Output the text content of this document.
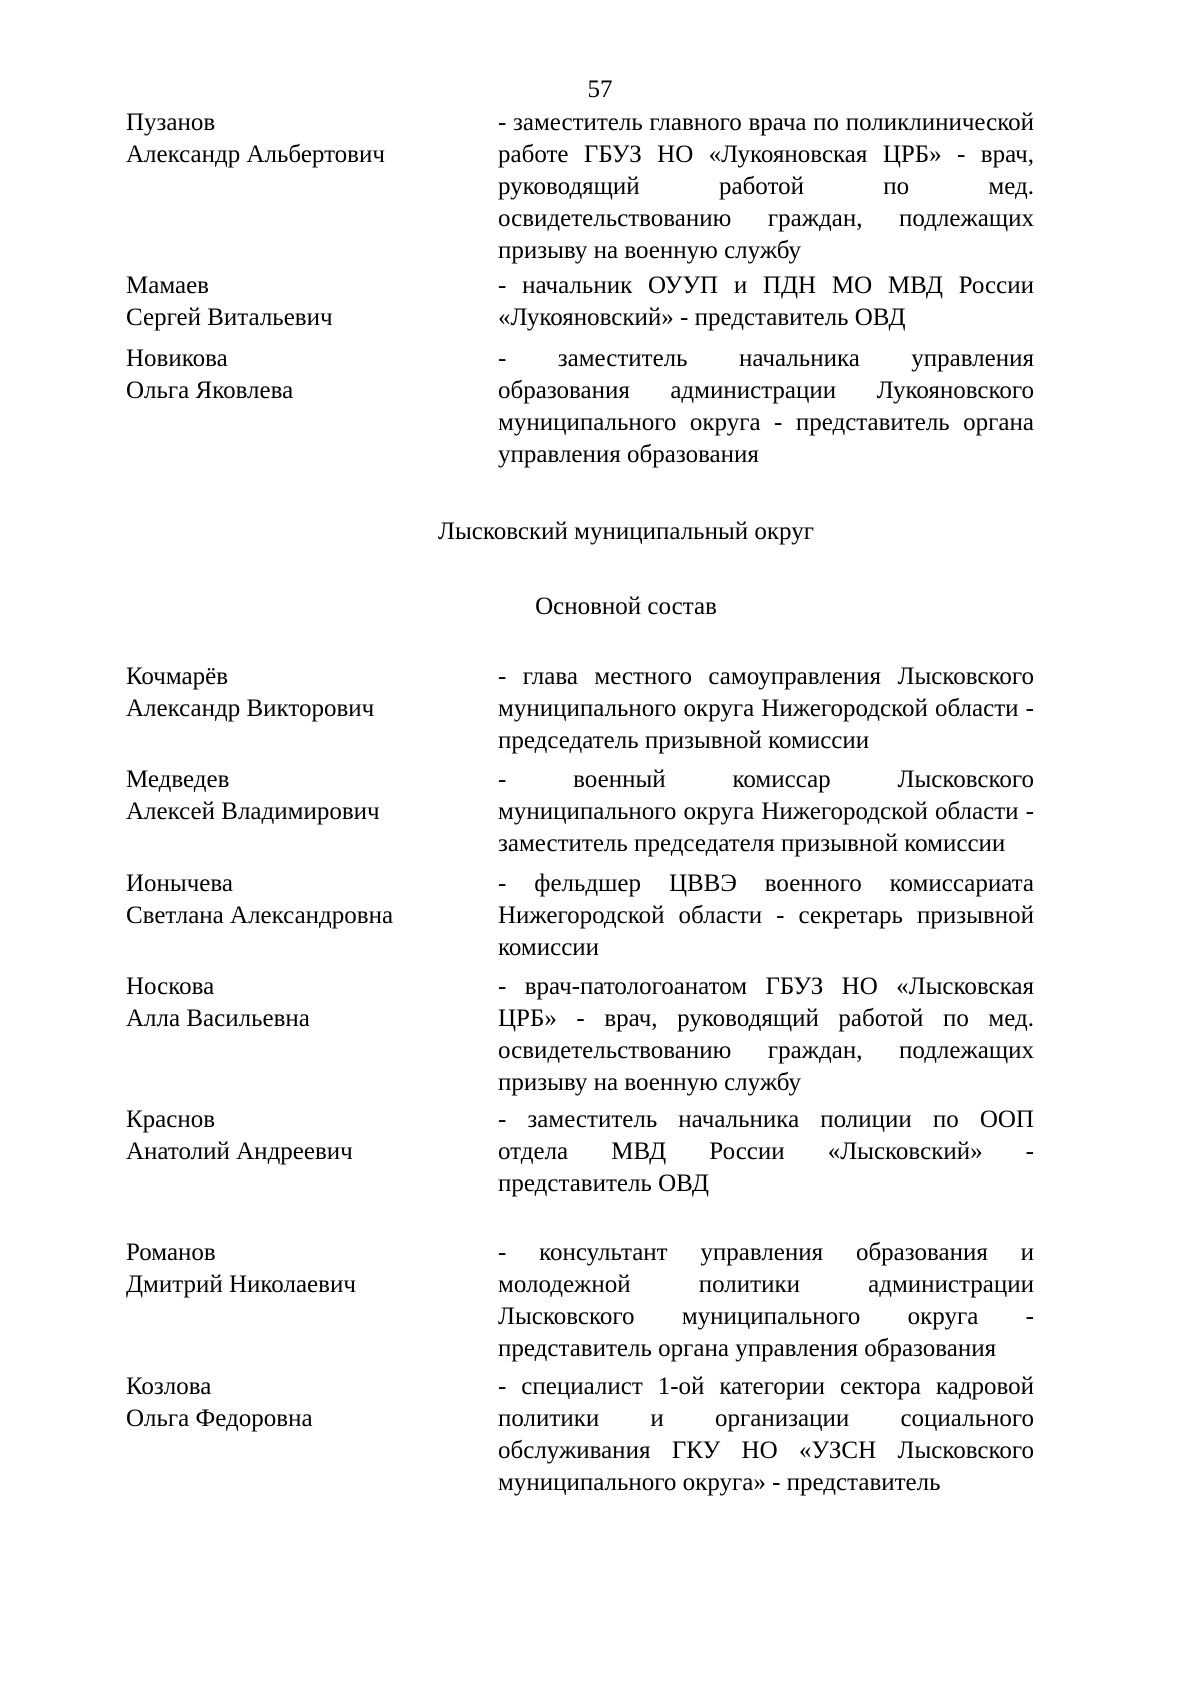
57
Пузанов
Александр Альбертович
- заместитель главного врача по поликлинической работе ГБУЗ НО «Лукояновская ЦРБ» - врач, руководящий работой по мед. освидетельствованию граждан, подлежащих призыву на военную службу
Мамаев
Сергей Витальевич
- начальник ОУУП и ПДН МО МВД России «Лукояновский» - представитель ОВД
Новикова
Ольга Яковлева
- заместитель начальника управления образования администрации Лукояновского муниципального округа - представитель органа управления образования
Лысковский муниципальный округ
Основной состав
Кочмарёв
Александр Викторович
- глава местного самоуправления Лысковского муниципального округа Нижегородской области - председатель призывной комиссии
Медведев
Алексей Владимирович
- военный комиссар Лысковского муниципального округа Нижегородской области - заместитель председателя призывной комиссии
Ионычева
Светлана Александровна
- фельдшер ЦВВЭ военного комиссариата Нижегородской области - секретарь призывной комиссии
Носкова
Алла Васильевна
- врач-патологоанатом ГБУЗ НО «Лысковская ЦРБ» - врач, руководящий работой по мед. освидетельствованию граждан, подлежащих призыву на военную службу
Краснов
Анатолий Андреевич
- заместитель начальника полиции по ООП отдела МВД России «Лысковский» - представитель ОВД
Романов
Дмитрий Николаевич
- консультант управления образования и молодежной политики администрации Лысковского муниципального округа - представитель органа управления образования
Козлова
Ольга Федоровна
- специалист 1-ой категории сектора кадровой политики и организации социального обслуживания ГКУ НО «УЗСН Лысковского муниципального округа» - представитель
